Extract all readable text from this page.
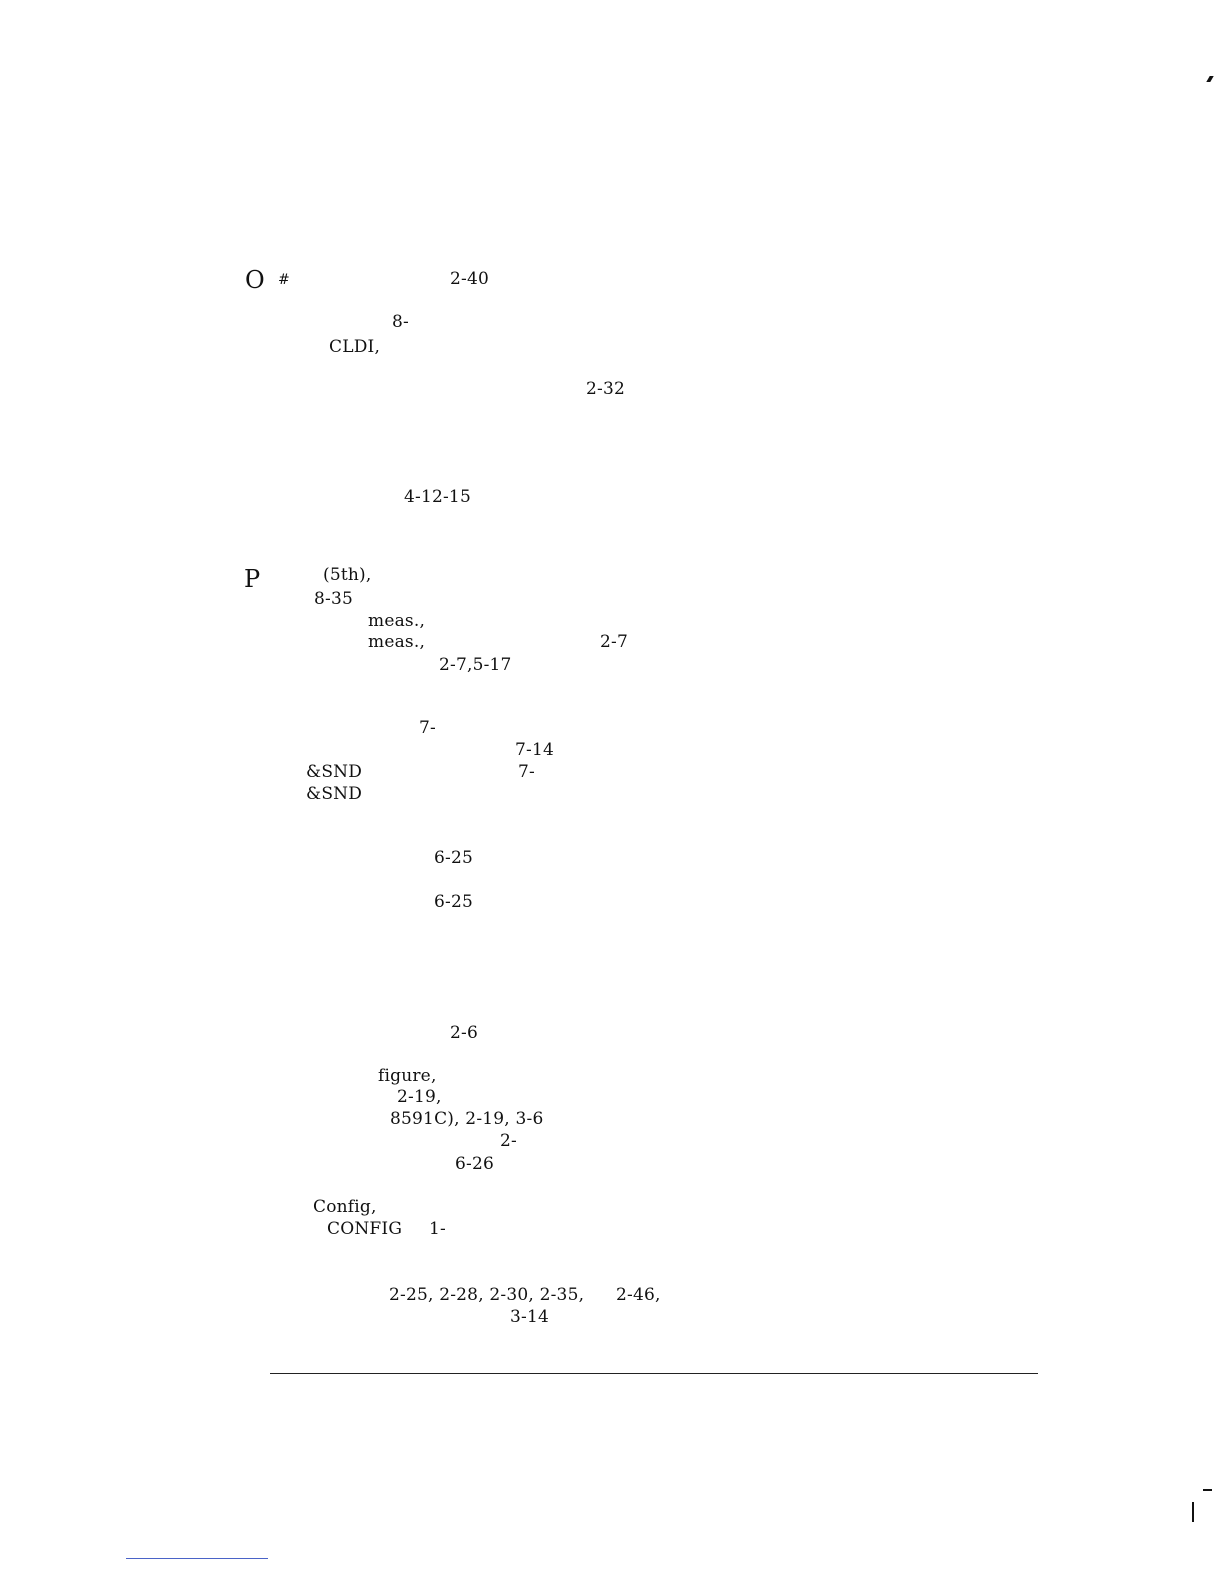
O #	2-40
8-
CLDI,
2-32
4-12-15
P	(5th),
8-35
meas.,
meas.,	2-7
2-7,5-17
7-
7-14
&SND	7-
&SND
6-25
6-25
2-6
figure,
2-19,
8591C), 2-19, 3-6
2-
6-26
Config,
CONFIG 1-
2-25, 2-28, 2-30, 2-35, 2-46,
3-14
